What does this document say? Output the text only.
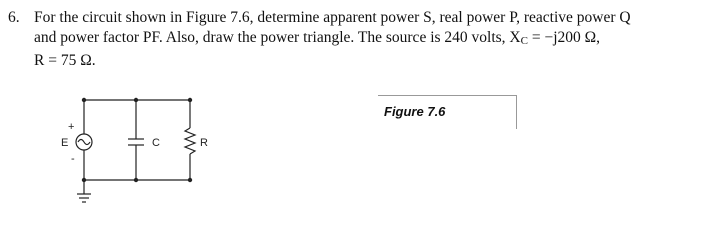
6. For the circuit shown in Figure 7.6, determine apparent power S, real power P, reactive power Q
and power factor PF. Also, draw the power triangle. The source is 240 volts, XC = −j200 Ω,
R = 75 Ω.
Figure 7.6
E
+
-
C	R
